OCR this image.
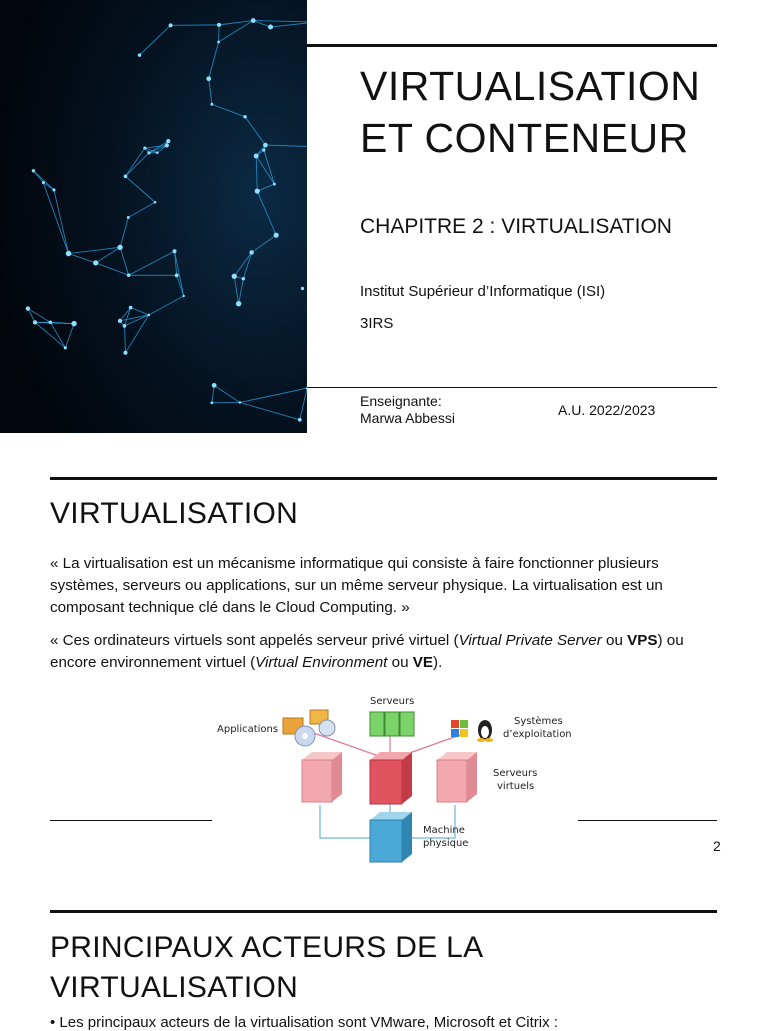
VIRTUALISATION
ET CONTENEUR
CHAPITRE 2 : VIRTUALISATION
Institut Supérieur d’Informatique (ISI)
3IRS
Enseignante:
Marwa Abbessi	A.U. 2022/2023
VIRTUALISATION
« La virtualisation est un mécanisme informatique qui consiste à faire fonctionner plusieurs systèmes, serveurs ou applications, sur un même serveur physique. La virtualisation est un composant technique clé dans le Cloud Computing. »
« Ces ordinateurs virtuels sont appelés serveur privé virtuel (Virtual Private Server ou VPS) ou encore environnement virtuel (Virtual Environment ou VE).
Applications
Serveurs
Systèmes
d’exploitation
Serveurs
virtuels
Machine
physique	2
PRINCIPAUX ACTEURS DE LA
VIRTUALISATION
• Les principaux acteurs de la virtualisation sont VMware, Microsoft et Citrix :
